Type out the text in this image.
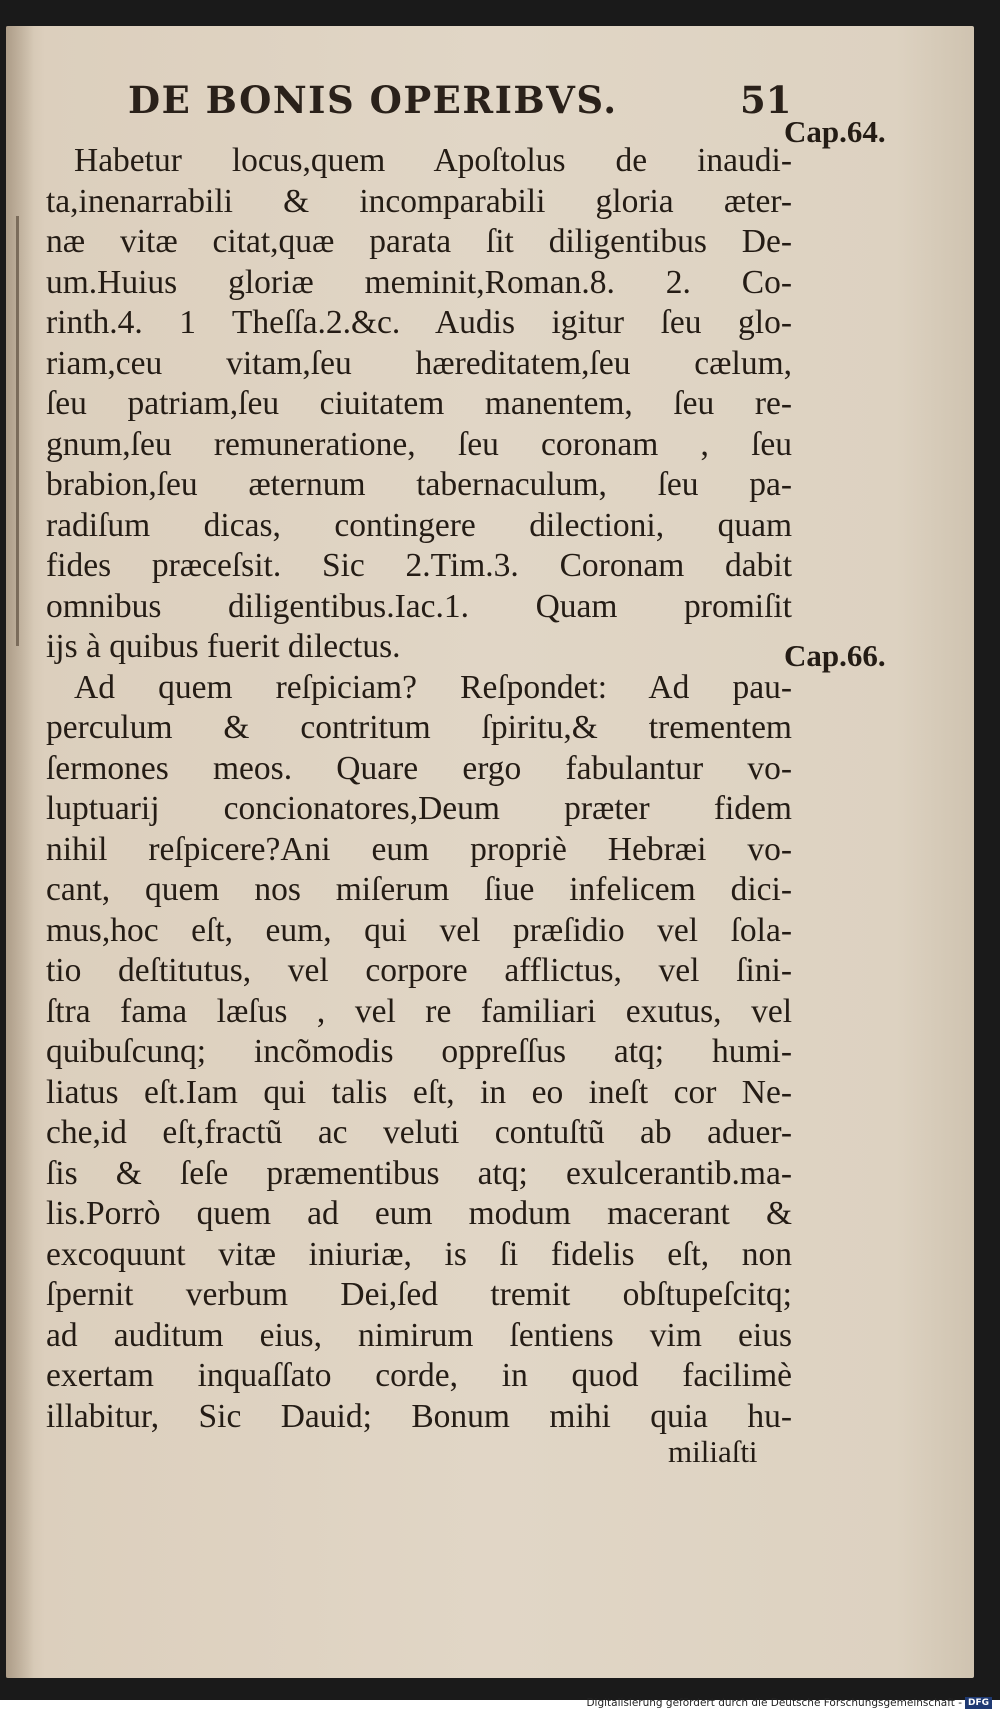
DE BONIS OPERIBVS.	51
Habetur locus,quem Apoſtolus de inaudi-
ta,inenarrabili & incomparabili gloria æter-
næ vitæ citat,quæ parata ſit diligentibus De-
um.Huius gloriæ meminit,Roman.8. 2. Co-
rinth.4. 1 Theſſa.2.&c. Audis igitur ſeu glo-
riam,ceu vitam,ſeu hæreditatem,ſeu cælum,
ſeu patriam,ſeu ciuitatem manentem, ſeu re-
gnum,ſeu remuneratione, ſeu coronam , ſeu
brabion,ſeu æternum tabernaculum, ſeu pa-
radiſum dicas, contingere dilectioni, quam
fides præceſsit. Sic 2.Tim.3. Coronam dabit
omnibus diligentibus.Iac.1. Quam promiſit
ijs à quibus fuerit dilectus.
Ad quem reſpiciam? Reſpondet: Ad pau-
perculum & contritum ſpiritu,& trementem
ſermones meos. Quare ergo fabulantur vo-
luptuarij concionatores,Deum præter fidem
nihil reſpicere?Ani eum propriè Hebræi vo-
cant, quem nos miſerum ſiue infelicem dici-
mus,hoc eſt, eum, qui vel præſidio vel ſola-
tio deſtitutus, vel corpore afflictus, vel ſini-
ſtra fama læſus , vel re familiari exutus, vel
quibuſcunq; incõmodis oppreſſus atq; humi-
liatus eſt.Iam qui talis eſt, in eo ineſt cor Ne-
che,id eſt,fractũ ac veluti contuſtũ ab aduer-
ſis & ſeſe præmentibus atq; exulcerantib.ma-
lis.Porrò quem ad eum modum macerant &
excoquunt vitæ iniuriæ, is ſi fidelis eſt, non
ſpernit verbum Dei,ſed tremit obſtupeſcitq;
ad auditum eius, nimirum ſentiens vim eius
exertam inquaſſato corde, in quod facilimè
illabitur, Sic Dauid; Bonum mihi quia hu-
Cap.64.
Cap.66.
miliaſti
Digitalisierung gefördert durch die Deutsche Forschungsgemeinschaft - DFG
